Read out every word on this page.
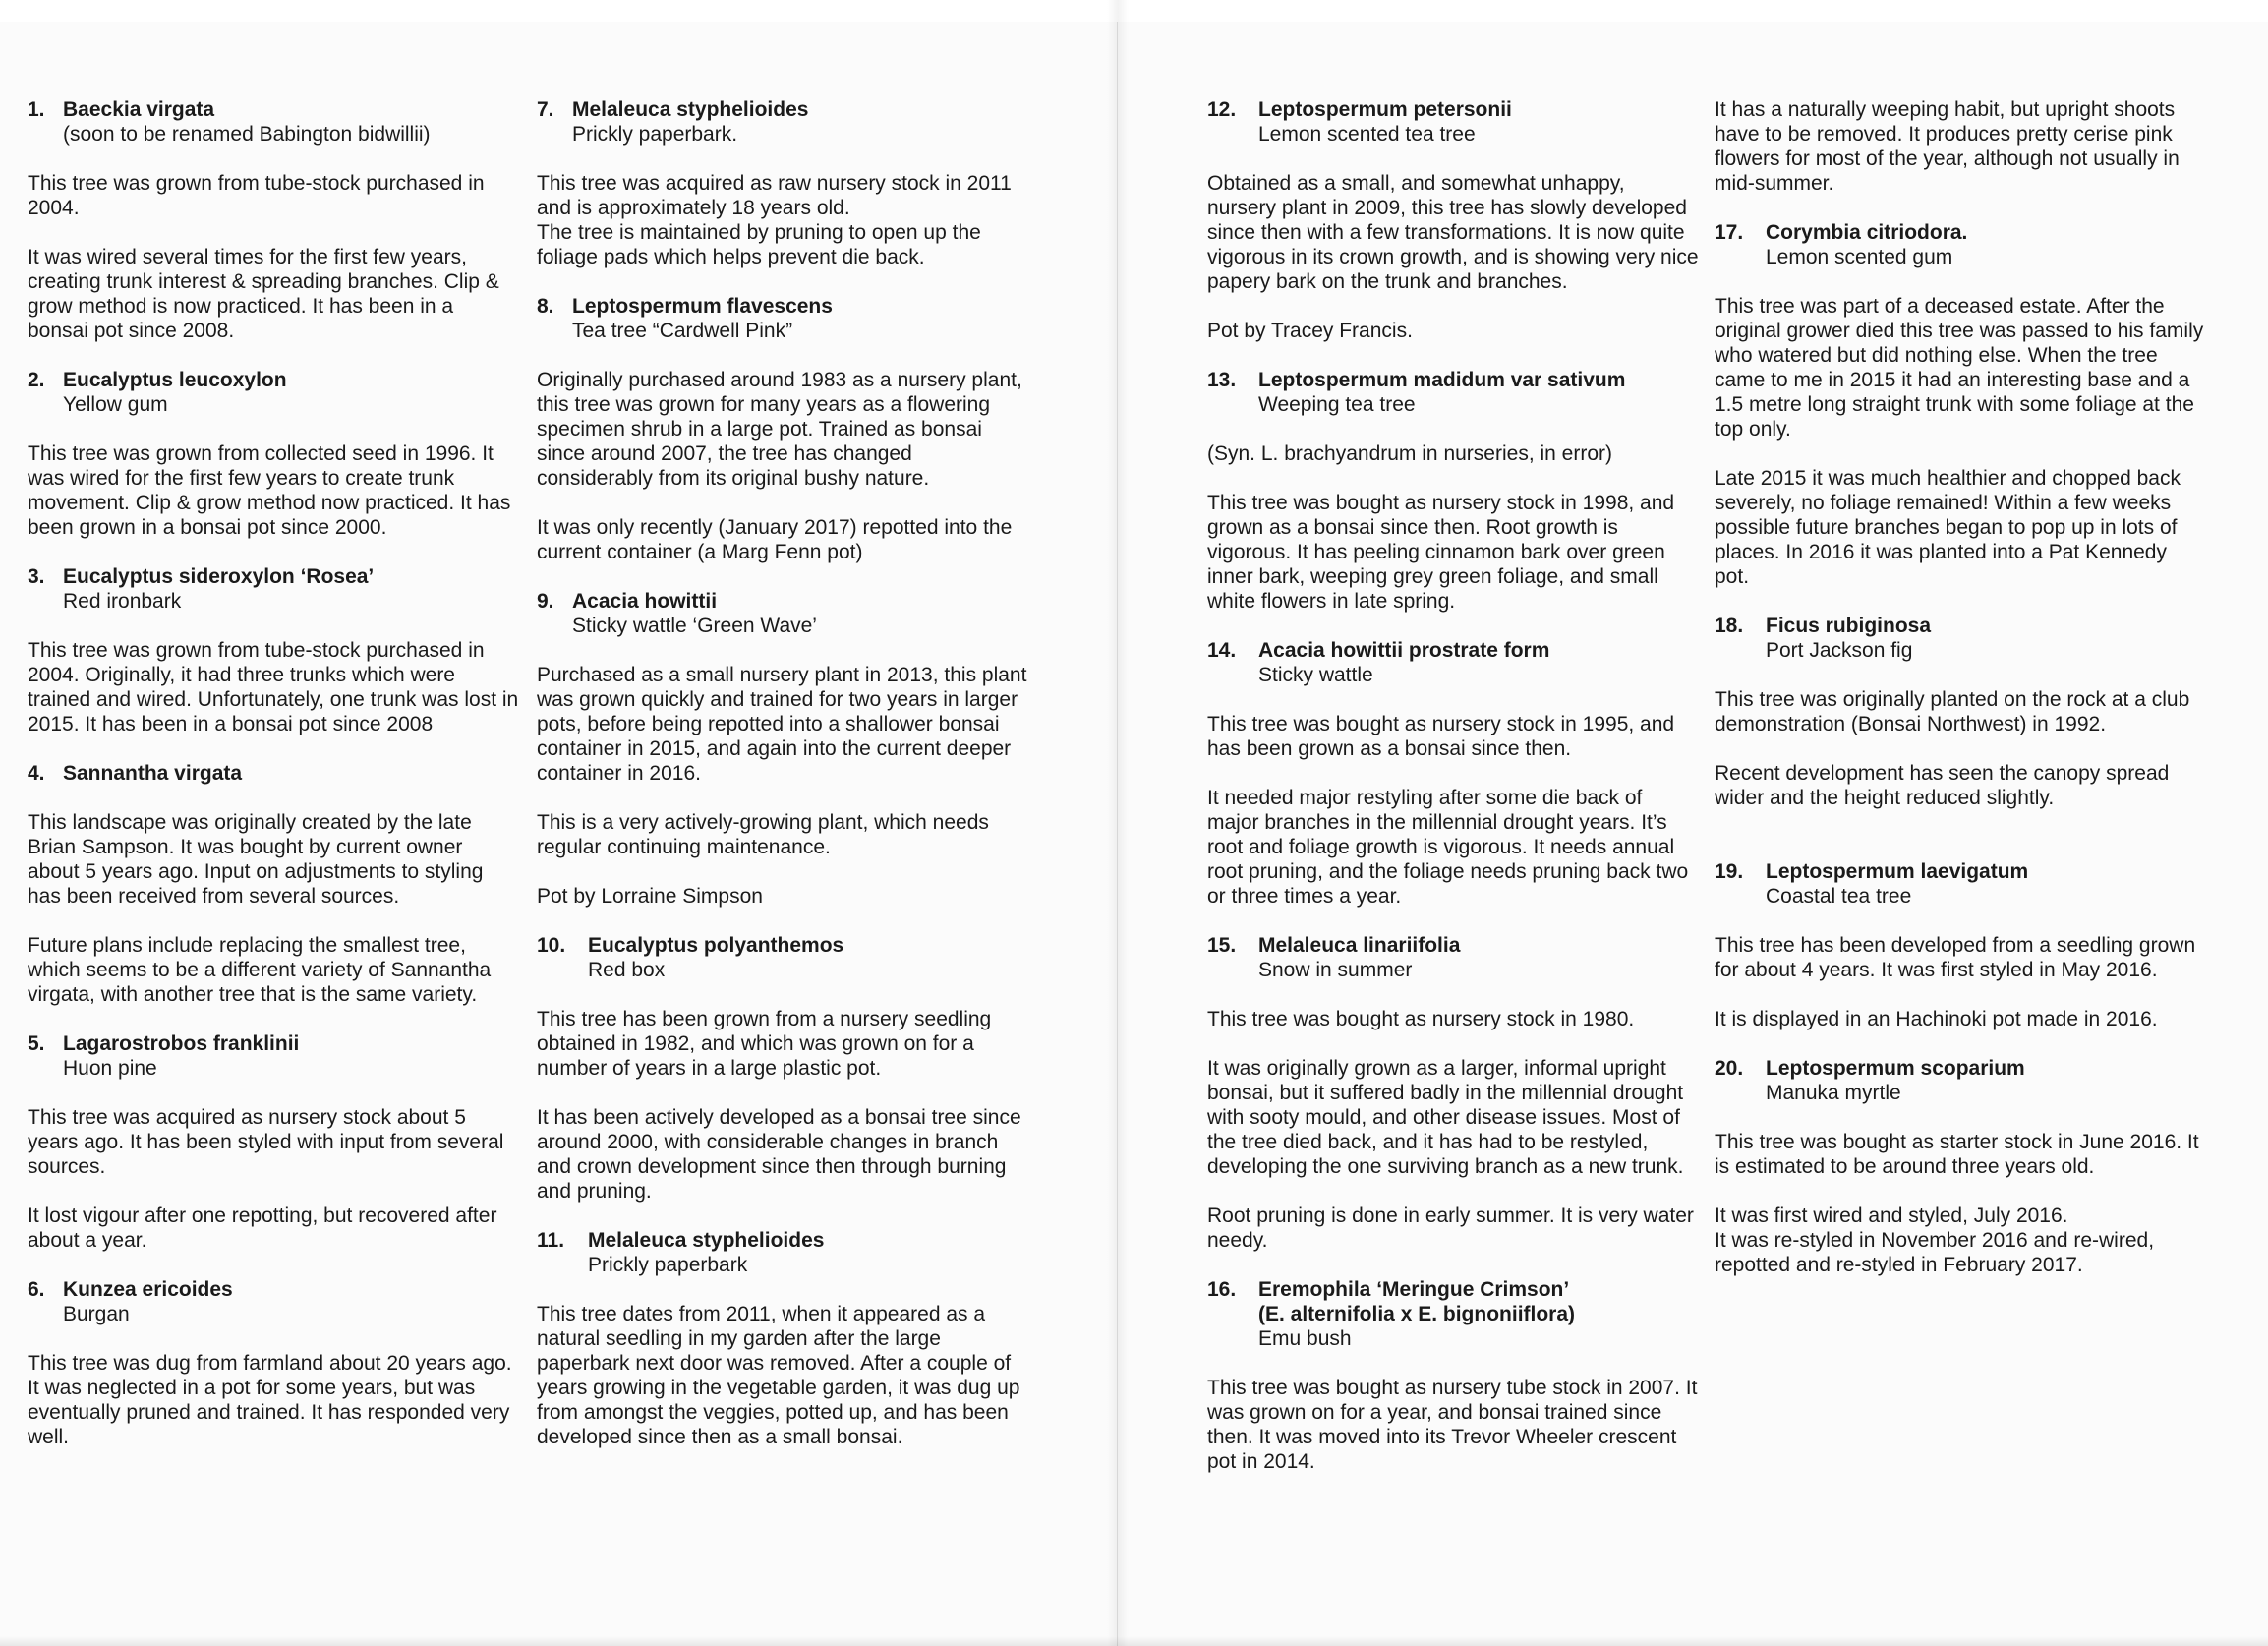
1. Baeckia virgata
(soon to be renamed Babington bidwillii)

This tree was grown from tube-stock purchased in 2004.

It was wired several times for the first few years, creating trunk interest & spreading branches. Clip & grow method is now practiced. It has been in a bonsai pot since 2008.

2. Eucalyptus leucoxylon
Yellow gum

This tree was grown from collected seed in 1996. It was wired for the first few years to create trunk movement. Clip & grow method now practiced. It has been grown in a bonsai pot since 2000.

3. Eucalyptus sideroxylon ‘Rosea’
Red ironbark

This tree was grown from tube-stock purchased in 2004. Originally, it had three trunks which were trained and wired. Unfortunately, one trunk was lost in 2015. It has been in a bonsai pot since 2008

4. Sannantha virgata

This landscape was originally created by the late Brian Sampson. It was bought by current owner about 5 years ago. Input on adjustments to styling has been received from several sources.

Future plans include replacing the smallest tree, which seems to be a different variety of Sannantha virgata, with another tree that is the same variety.

5. Lagarostrobos franklinii
Huon pine

This tree was acquired as nursery stock about 5 years ago. It has been styled with input from several sources.

It lost vigour after one repotting, but recovered after about a year.

6. Kunzea ericoides
Burgan

This tree was dug from farmland about 20 years ago. It was neglected in a pot for some years, but was eventually pruned and trained. It has responded very well.

7. Melaleuca styphelioides
Prickly paperbark.

This tree was acquired as raw nursery stock in 2011 and is approximately 18 years old.
The tree is maintained by pruning to open up the foliage pads which helps prevent die back.

8. Leptospermum flavescens
Tea tree “Cardwell Pink”

Originally purchased around 1983 as a nursery plant, this tree was grown for many years as a flowering specimen shrub in a large pot. Trained as bonsai since around 2007, the tree has changed considerably from its original bushy nature.

It was only recently (January 2017) repotted into the current container (a Marg Fenn pot)

9. Acacia howittii
Sticky wattle ‘Green Wave’

Purchased as a small nursery plant in 2013, this plant was grown quickly and trained for two years in larger pots, before being repotted into a shallower bonsai container in 2015, and again into the current deeper container in 2016.

This is a very actively-growing plant, which needs regular continuing maintenance.

Pot by Lorraine Simpson

10.	Eucalyptus polyanthemos
Red box

This tree has been grown from a nursery seedling obtained in 1982, and which was grown on for a number of years in a large plastic pot.

It has been actively developed as a bonsai tree since around 2000, with considerable changes in branch and crown development since then through burning and pruning.

11.	Melaleuca styphelioides
Prickly paperbark

This tree dates from 2011, when it appeared as a natural seedling in my garden after the large paperbark next door was removed. After a couple of years growing in the vegetable garden, it was dug up from amongst the veggies, potted up, and has been developed since then as a small bonsai.

12.	Leptospermum petersonii
Lemon scented tea tree

Obtained as a small, and somewhat unhappy, nursery plant in 2009, this tree has slowly developed since then with a few transformations. It is now quite vigorous in its crown growth, and is showing very nice papery bark on the trunk and branches.

Pot by Tracey Francis.

13.	Leptospermum madidum var sativum
Weeping tea tree

(Syn. L. brachyandrum in nurseries, in error)

This tree was bought as nursery stock in 1998, and grown as a bonsai since then. Root growth is vigorous. It has peeling cinnamon bark over green inner bark, weeping grey green foliage, and small white flowers in late spring.

14.	Acacia howittii prostrate form
Sticky wattle

This tree was bought as nursery stock in 1995, and has been grown as a bonsai since then.

It needed major restyling after some die back of major branches in the millennial drought years. It’s root and foliage growth is vigorous. It needs annual root pruning, and the foliage needs pruning back two or three times a year.

15.	Melaleuca linariifolia
Snow in summer

This tree was bought as nursery stock in 1980.

It was originally grown as a larger, informal upright bonsai, but it suffered badly in the millennial drought with sooty mould, and other disease issues. Most of the tree died back, and it has had to be restyled, developing the one surviving branch as a new trunk.

Root pruning is done in early summer. It is very water needy.

16.	Eremophila ‘Meringue Crimson’
(E. alternifolia x E. bignoniiflora)
Emu bush

This tree was bought as nursery tube stock in 2007. It was grown on for a year, and bonsai trained since then. It was moved into its Trevor Wheeler crescent pot in 2014.

It has a naturally weeping habit, but upright shoots have to be removed. It produces pretty cerise pink flowers for most of the year, although not usually in mid-summer.

17.	Corymbia citriodora.
Lemon scented gum

This tree was part of a deceased estate. After the original grower died this tree was passed to his family who watered but did nothing else. When the tree came to me in 2015 it had an interesting base and a 1.5 metre long straight trunk with some foliage at the top only.

Late 2015 it was much healthier and chopped back severely, no foliage remained! Within a few weeks possible future branches began to pop up in lots of places. In 2016 it was planted into a Pat Kennedy pot.

18.	Ficus rubiginosa
Port Jackson fig

This tree was originally planted on the rock at a club demonstration (Bonsai Northwest) in 1992.

Recent development has seen the canopy spread wider and the height reduced slightly.

19.	Leptospermum laevigatum
Coastal tea tree

This tree has been developed from a seedling grown for about 4 years. It was first styled in May 2016.

It is displayed in an Hachinoki pot made in 2016.

20.	Leptospermum scoparium
Manuka myrtle

This tree was bought as starter stock in June 2016. It is estimated to be around three years old.

It was first wired and styled, July 2016.
It was re-styled in November 2016 and re-wired, repotted and re-styled in February 2017.
